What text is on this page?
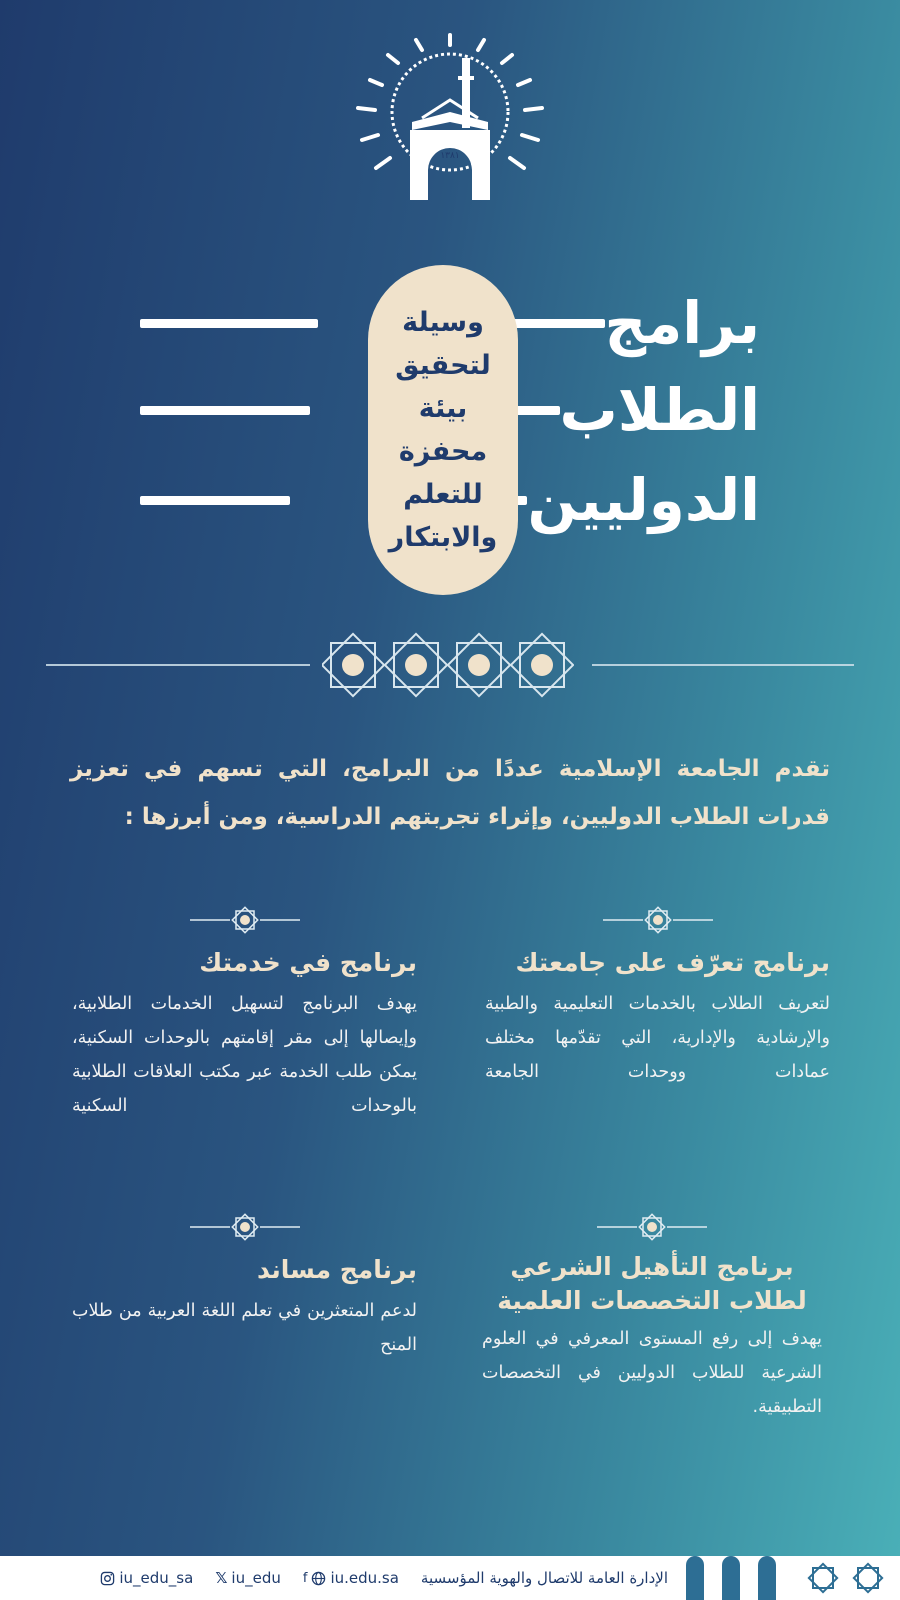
١٣٨١
برامج
الطلاب
الدوليين
وسيلة
لتحقيق
بيئة
محفزة
للتعلم
والابتكار

تقدم الجامعة الإسلامية عددًا من البرامج، التي تسهم في تعزيز قدرات الطلاب الدوليين، وإثراء تجربتهم الدراسية، ومن أبرزها :

برنامج تعرّف على جامعتك

لتعريف الطلاب بالخدمات التعليمية والطبية والإرشادية والإدارية، التي تقدّمها مختلف عمادات ووحدات الجامعة

برنامج في خدمتك

يهدف البرنامج لتسهيل الخدمات الطلابية، وإيصالها إلى مقر إقامتهم بالوحدات السكنية، يمكن طلب الخدمة عبر مكتب العلاقات الطلابية بالوحدات السكنية

برنامج التأهيل الشرعي لطلاب التخصصات العلمية

يهدف إلى رفع المستوى المعرفي في العلوم الشرعية للطلاب الدوليين في التخصصات التطبيقية.

برنامج مساند

لدعم المتعثرين في تعلم اللغة العربية من طلاب المنح

الإدارة العامة للاتصال والهوية المؤسسية
f iu.edu.sa
𝕏 iu_edu
iu_edu_sa
